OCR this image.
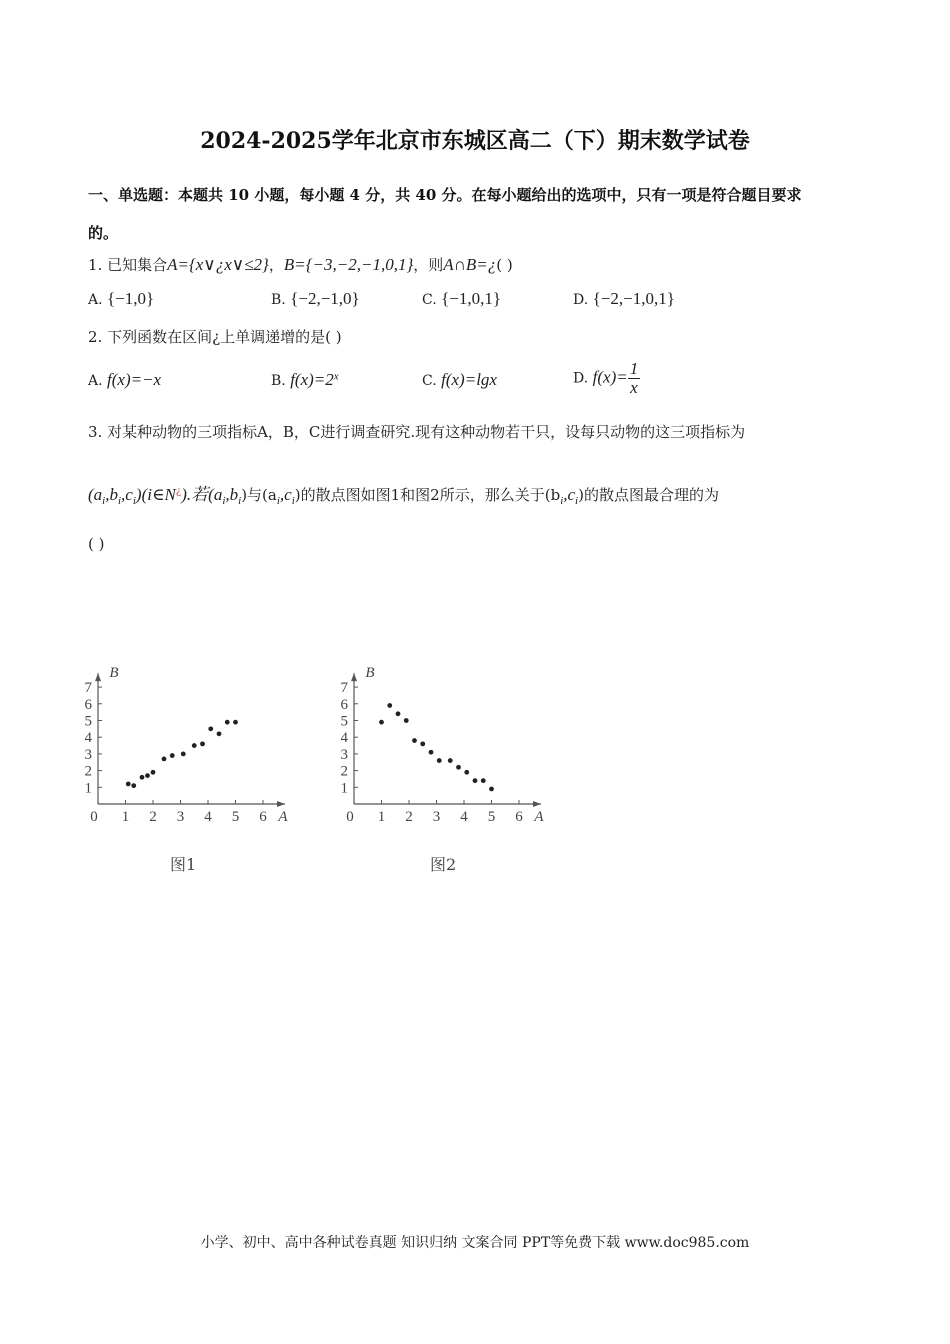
2024-2025学年北京市东城区高二（下）期末数学试卷
一、单选题：本题共 10 小题，每小题 4 分，共 40 分。在每小题给出的选项中，只有一项是符合题目要求
的。
1. 已知集合A={x∨¿x∨≤2}，B={−3,−2,−1,0,1}，则A∩B=¿( )
A. {−1,0}	B. {−2,−1,0}	C. {−1,0,1}	D. {−2,−1,0,1}
2. 下列函数在区间¿上单调递增的是( )
A. f(x)=−x	B. $f(x)=2^x$	C. f(x)=lgx	D. $f(x)= \frac{1}{x}$
3. 对某种动物的三项指标A，B，C进行调查研究.现有这种动物若干只，设每只动物的这三项指标为
$(a_i,b_i,c_i)(i\in N^¿)$.若$(a_i,b_i)$与$(a_i,c_i)$的散点图如图1和图2所示，那么关于$(b_i,c_i)$的散点图最合理的为
( )
0 1 2 3 4 5 6
1
2
3
4
5
6
7
A
B
0 1 2 3 4 5 6
1
2
3
4
5
6
7
A
B
图1	图2
小学、初中、高中各种试卷真题 知识归纳 文案合同 PPT等免费下载 www.doc985.com
